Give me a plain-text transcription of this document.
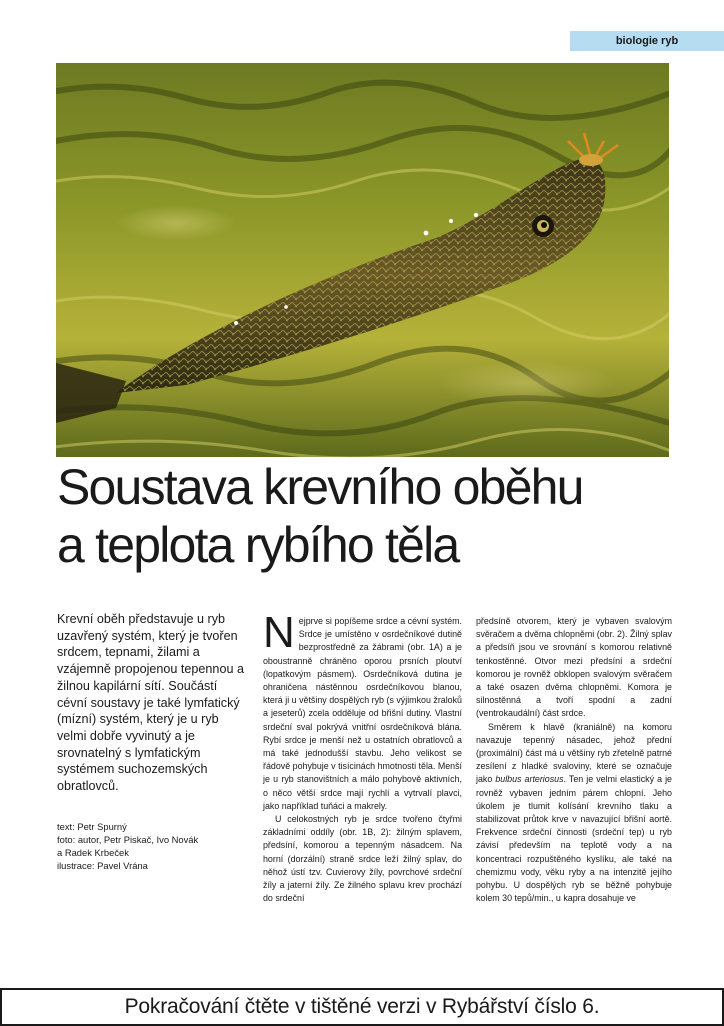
biologie ryb
Soustava krevního oběhu
a teplota rybího těla

Krevní oběh představuje u ryb uzavřený systém, který je tvořen srdcem, tepnami, žilami a vzájemně propojenou tepennou a žilnou kapilární sítí. Součástí cévní soustavy je také lymfatický (mízní) systém, který je u ryb velmi dobře vyvinutý a je srovnatelný s lymfatickým systémem suchozemských obratlovců.

text: Petr Spurný
foto: autor, Petr Piskač, Ivo Novák
a Radek Krbeček
ilustrace: Pavel Vrána

Nejprve si popíšeme srdce a cévní systém. Srdce je umístěno v osrdečníkové dutině bezprostředně za žábrami (obr. 1A) a je oboustranně chráněno oporou prsních ploutví (lopatkovým pásmem). Osrdečníková dutina je ohraničena nástěnnou osrdečníkovou blanou, která ji u většiny dospělých ryb (s výjimkou žraloků a jeseterů) zcela odděluje od břišní dutiny. Vlastní srdeční sval pokrývá vnitřní osrdečníková blána. Rybí srdce je menší než u ostatních obratlovců a má také jednodušší stavbu. Jeho velikost se řádově pohybuje v tisícinách hmotnosti těla. Menší je u ryb stanovištních a málo pohybově aktivních, o něco větší srdce mají rychlí a vytrvalí plavci, jako například tuňáci a makrely.

U celokostných ryb je srdce tvořeno čtyřmi základními oddíly (obr. 1B, 2): žilným splavem, předsíní, komorou a tepenným násadcem. Na horní (dorzální) straně srdce leží žilný splav, do něhož ústí tzv. Cuvierovy žíly, povrchové srdeční žíly a jaterní žíly. Ze žilného splavu krev prochází do srdeční

předsíně otvorem, který je vybaven svalovým svěračem a dvěma chlopněmi (obr. 2). Žilný splav a předsíň jsou ve srovnání s komorou relativně tenkostěnné. Otvor mezi předsíní a srdeční komorou je rovněž obklopen svalovým svěračem a také osazen dvěma chlopněmi. Komora je silnostěnná a tvoří spodní a zadní (ventrokaudální) část srdce.

Směrem k hlavě (kraniálně) na komoru navazuje tepenný násadec, jehož přední (proximální) část má u většiny ryb zřetelně patrné zesílení z hladké svaloviny, které se označuje jako bulbus arteriosus. Ten je velmi elastický a je rovněž vybaven jedním párem chlopní. Jeho úkolem je tlumit kolísání krevního tlaku a stabilizovat průtok krve v navazující břišní aortě. Frekvence srdeční činnosti (srdeční tep) u ryb závisí především na teplotě vody a na koncentraci rozpuštěného kyslíku, ale také na chemizmu vody, věku ryby a na intenzitě jejího pohybu. U dospělých ryb se běžně pohybuje kolem 30 tepů/min., u kapra dosahuje ve

Pokračování čtěte v tištěné verzi v Rybářství číslo 6.
